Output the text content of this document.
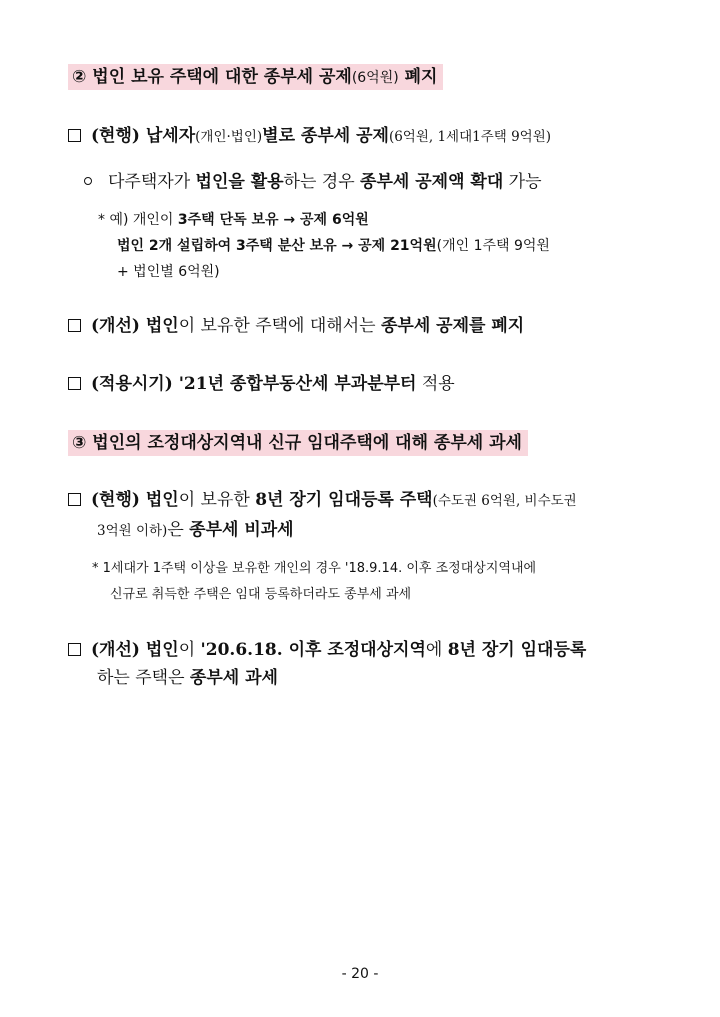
② 법인 보유 주택에 대한 종부세 공제(6억원) 폐지
(현행) 납세자(개인·법인)별로 종부세 공제(6억원, 1세대1주택 9억원)
다주택자가 법인을 활용하는 경우 종부세 공제액 확대 가능
* 예) 개인이 3주택 단독 보유 → 공제 6억원
법인 2개 설립하여 3주택 분산 보유 → 공제 21억원(개인 1주택 9억원
+ 법인별 6억원)
(개선) 법인이 보유한 주택에 대해서는 종부세 공제를 폐지
(적용시기) '21년 종합부동산세 부과분부터 적용
③ 법인의 조정대상지역내 신규 임대주택에 대해 종부세 과세
(현행) 법인이 보유한 8년 장기 임대등록 주택(수도권 6억원, 비수도권
3억원 이하)은 종부세 비과세
* 1세대가 1주택 이상을 보유한 개인의 경우 '18.9.14. 이후 조정대상지역내에
신규로 취득한 주택은 임대 등록하더라도 종부세 과세
(개선) 법인이 '20.6.18. 이후 조정대상지역에 8년 장기 임대등록
하는 주택은 종부세 과세
- 20 -
